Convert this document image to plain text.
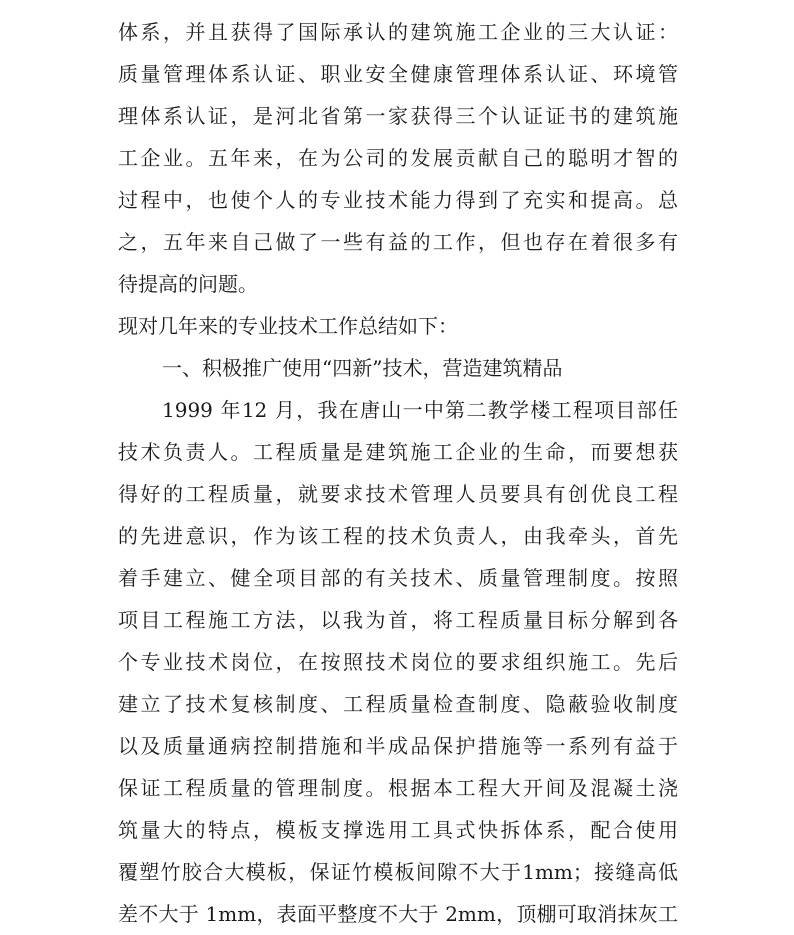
体系，并且获得了国际承认的建筑施工企业的三大认证：
质量管理体系认证、职业安全健康管理体系认证、环境管
理体系认证，是河北省第一家获得三个认证证书的建筑施
工企业。五年来，在为公司的发展贡献自己的聪明才智的
过程中，也使个人的专业技术能力得到了充实和提高。总
之，五年来自己做了一些有益的工作，但也存在着很多有
待提高的问题。
现对几年来的专业技术工作总结如下：
一、积极推广使用“四新”技术，营造建筑精品
1999 年12 月，我在唐山一中第二教学楼工程项目部任
技术负责人。工程质量是建筑施工企业的生命，而要想获
得好的工程质量，就要求技术管理人员要具有创优良工程
的先进意识，作为该工程的技术负责人，由我牵头，首先
着手建立、健全项目部的有关技术、质量管理制度。按照
项目工程施工方法，以我为首，将工程质量目标分解到各
个专业技术岗位，在按照技术岗位的要求组织施工。先后
建立了技术复核制度、工程质量检查制度、隐蔽验收制度
以及质量通病控制措施和半成品保护措施等一系列有益于
保证工程质量的管理制度。根据本工程大开间及混凝土浇
筑量大的特点，模板支撑选用工具式快拆体系，配合使用
覆塑竹胶合大模板，保证竹模板间隙不大于1mm；接缝高低
差不大于 1mm，表面平整度不大于 2mm，顶棚可取消抹灰工
